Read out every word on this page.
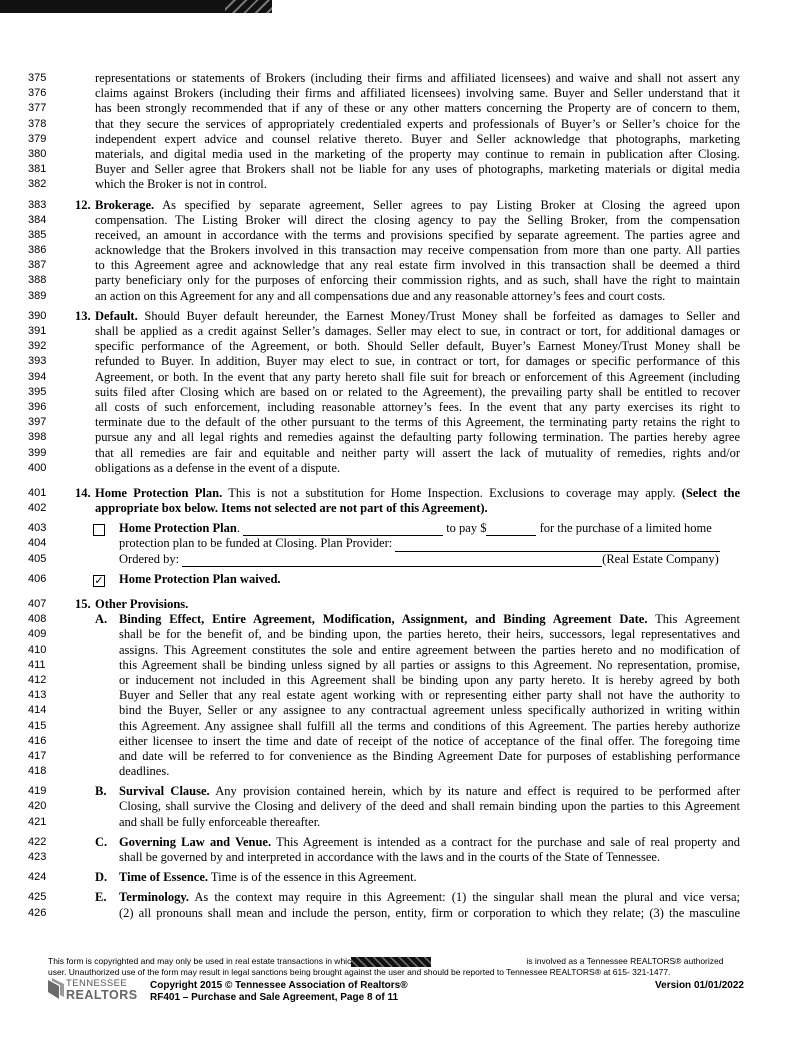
375	representations or statements of Brokers (including their firms and affiliated licensees) and waive and shall not assert any
376	claims against Brokers (including their firms and affiliated licensees) involving same. Buyer and Seller understand that it
377	has been strongly recommended that if any of these or any other matters concerning the Property are of concern to them,
378	that they secure the services of appropriately credentialed experts and professionals of Buyer’s or Seller’s choice for the
379	independent expert advice and counsel relative thereto. Buyer and Seller acknowledge that photographs, marketing
380	materials, and digital media used in the marketing of the property may continue to remain in publication after Closing.
381	Buyer and Seller agree that Brokers shall not be liable for any uses of photographs, marketing materials or digital media
382	which the Broker is not in control.
383	12. Brokerage. As specified by separate agreement, Seller agrees to pay Listing Broker at Closing the agreed upon
384	compensation. The Listing Broker will direct the closing agency to pay the Selling Broker, from the compensation
385	received, an amount in accordance with the terms and provisions specified by separate agreement. The parties agree and
386	acknowledge that the Brokers involved in this transaction may receive compensation from more than one party. All parties
387	to this Agreement agree and acknowledge that any real estate firm involved in this transaction shall be deemed a third
388	party beneficiary only for the purposes of enforcing their commission rights, and as such, shall have the right to maintain
389	an action on this Agreement for any and all compensations due and any reasonable attorney’s fees and court costs.
390	13. Default. Should Buyer default hereunder, the Earnest Money/Trust Money shall be forfeited as damages to Seller and
391	shall be applied as a credit against Seller’s damages. Seller may elect to sue, in contract or tort, for additional damages or
392	specific performance of the Agreement, or both. Should Seller default, Buyer’s Earnest Money/Trust Money shall be
393	refunded to Buyer. In addition, Buyer may elect to sue, in contract or tort, for damages or specific performance of this
394	Agreement, or both. In the event that any party hereto shall file suit for breach or enforcement of this Agreement (including
395	suits filed after Closing which are based on or related to the Agreement), the prevailing party shall be entitled to recover
396	all costs of such enforcement, including reasonable attorney’s fees. In the event that any party exercises its right to
397	terminate due to the default of the other pursuant to the terms of this Agreement, the terminating party retains the right to
398	pursue any and all legal rights and remedies against the defaulting party following termination. The parties hereby agree
399	that all remedies are fair and equitable and neither party will assert the lack of mutuality of remedies, rights and/or
400	obligations as a defense in the event of a dispute.
401	14. Home Protection Plan. This is not a substitution for Home Inspection. Exclusions to coverage may apply. (Select the
402	appropriate box below. Items not selected are not part of this Agreement).
403	Home Protection Plan.	to pay $	for the purchase of a limited home
404	protection plan to be funded at Closing. Plan Provider:
405	Ordered by:	(Real Estate Company)
406	✓ Home Protection Plan waived.
407	15. Other Provisions.
408	A. Binding Effect, Entire Agreement, Modification, Assignment, and Binding Agreement Date. This Agreement
409	shall be for the benefit of, and be binding upon, the parties hereto, their heirs, successors, legal representatives and
410	assigns. This Agreement constitutes the sole and entire agreement between the parties hereto and no modification of
411	this Agreement shall be binding unless signed by all parties or assigns to this Agreement. No representation, promise,
412	or inducement not included in this Agreement shall be binding upon any party hereto. It is hereby agreed by both
413	Buyer and Seller that any real estate agent working with or representing either party shall not have the authority to
414	bind the Buyer, Seller or any assignee to any contractual agreement unless specifically authorized in writing within
415	this Agreement. Any assignee shall fulfill all the terms and conditions of this Agreement. The parties hereby authorize
416	either licensee to insert the time and date of receipt of the notice of acceptance of the final offer. The foregoing time
417	and date will be referred to for convenience as the Binding Agreement Date for purposes of establishing performance
418	deadlines.
419	B. Survival Clause. Any provision contained herein, which by its nature and effect is required to be performed after
420	Closing, shall survive the Closing and delivery of the deed and shall remain binding upon the parties to this Agreement
421	and shall be fully enforceable thereafter.
422	C. Governing Law and Venue. This Agreement is intended as a contract for the purchase and sale of real property and
423	shall be governed by and interpreted in accordance with the laws and in the courts of the State of Tennessee.
424	D. Time of Essence. Time is of the essence in this Agreement.
425	E. Terminology. As the context may require in this Agreement: (1) the singular shall mean the plural and vice versa;
426	(2) all pronouns shall mean and include the person, entity, firm or corporation to which they relate; (3) the masculine
This form is copyrighted and may only be used in real estate transactions in whic	is involved as a Tennessee REALTORS® authorized
user. Unauthorized use of the form may result in legal sanctions being brought against the user and should be reported to Tennessee REALTORS® at 615- 321-1477.
TENNESSEE
REALTORS
Copyright 2015 © Tennessee Association of Realtors®
RF401 – Purchase and Sale Agreement, Page 8 of 11
Version 01/01/2022
